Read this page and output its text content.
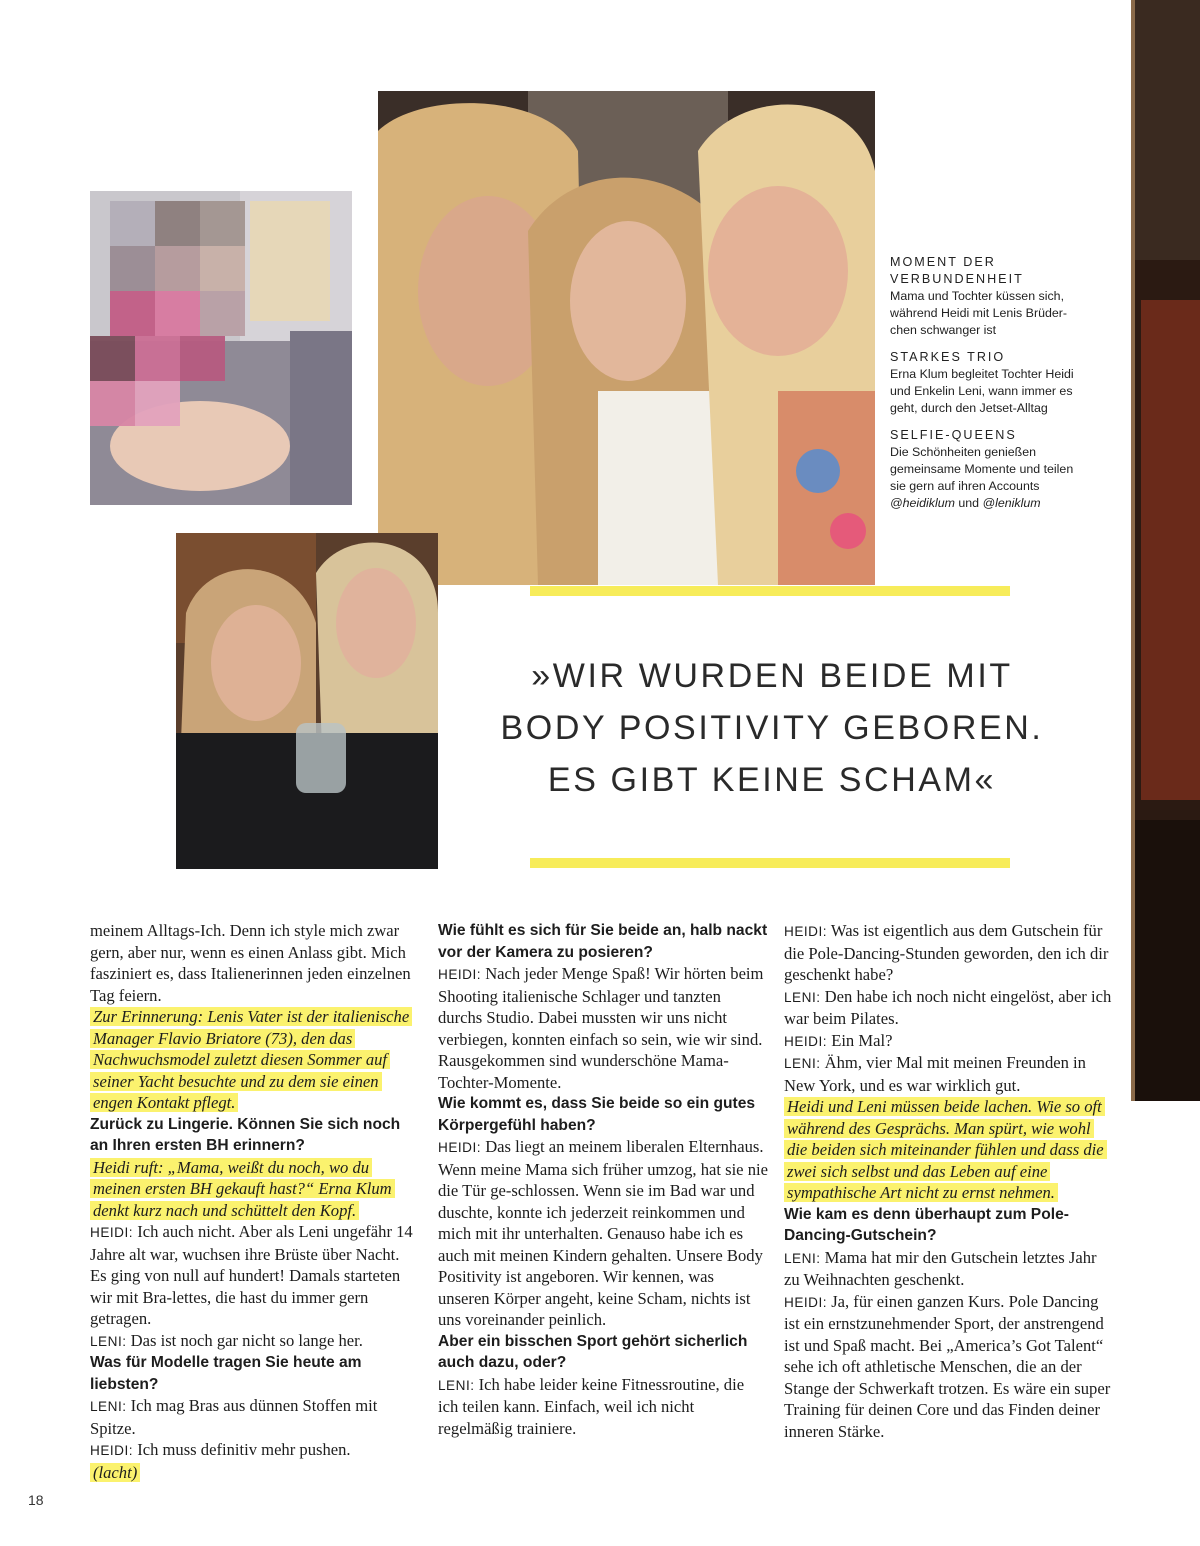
MOMENT DER VERBUNDENHEIT
Mama und Tochter küssen sich, während Heidi mit Lenis Brüder-chen schwanger ist
STARKES TRIO
Erna Klum begleitet Tochter Heidi und Enkelin Leni, wann immer es geht, durch den Jetset-Alltag
SELFIE-QUEENS
Die Schönheiten genießen gemeinsame Momente und teilen sie gern auf ihren Accounts @heidiklum und @leniklum
»WIR WURDEN BEIDE MIT
BODY POSITIVITY GEBOREN.
ES GIBT KEINE SCHAM«

meinem Alltags-Ich. Denn ich style mich zwar gern, aber nur, wenn es einen Anlass gibt. Mich fasziniert es, dass Italienerinnen jeden einzelnen Tag feiern.

Zur Erinnerung: Lenis Vater ist der italienische Manager Flavio Briatore (73), den das Nachwuchsmodel zuletzt diesen Sommer auf seiner Yacht besuchte und zu dem sie einen engen Kontakt pflegt.

Zurück zu Lingerie. Können Sie sich noch an Ihren ersten BH erinnern?

Heidi ruft: „Mama, weißt du noch, wo du meinen ersten BH gekauft hast?“ Erna Klum denkt kurz nach und schüttelt den Kopf.

HEIDI: Ich auch nicht. Aber als Leni ungefähr 14 Jahre alt war, wuchsen ihre Brüste über Nacht. Es ging von null auf hundert! Damals starteten wir mit Bra-lettes, die hast du immer gern getragen.

LENI: Das ist noch gar nicht so lange her.

Was für Modelle tragen Sie heute am liebsten?

LENI: Ich mag Bras aus dünnen Stoffen mit Spitze.

HEIDI: Ich muss definitiv mehr pushen.
(lacht)

Wie fühlt es sich für Sie beide an, halb nackt vor der Kamera zu posieren?

HEIDI: Nach jeder Menge Spaß! Wir hörten beim Shooting italienische Schlager und tanzten durchs Studio. Dabei mussten wir uns nicht verbiegen, konnten einfach so sein, wie wir sind. Rausgekommen sind wunderschöne Mama-Tochter-Momente.

Wie kommt es, dass Sie beide so ein gutes Körpergefühl haben?

HEIDI: Das liegt an meinem liberalen Elternhaus. Wenn meine Mama sich früher umzog, hat sie nie die Tür ge-schlossen. Wenn sie im Bad war und duschte, konnte ich jederzeit reinkommen und mich mit ihr unterhalten. Genauso habe ich es auch mit meinen Kindern gehalten. Unsere Body Positivity ist angeboren. Wir kennen, was unseren Körper angeht, keine Scham, nichts ist uns voreinander peinlich.

Aber ein bisschen Sport gehört sicherlich auch dazu, oder?

LENI: Ich habe leider keine Fitnessroutine, die ich teilen kann. Einfach, weil ich nicht regelmäßig trainiere.

HEIDI: Was ist eigentlich aus dem Gutschein für die Pole-Dancing-Stunden geworden, den ich dir geschenkt habe?

LENI: Den habe ich noch nicht eingelöst, aber ich war beim Pilates.

HEIDI: Ein Mal?

LENI: Ähm, vier Mal mit meinen Freunden in New York, und es war wirklich gut.

Heidi und Leni müssen beide lachen. Wie so oft während des Gesprächs. Man spürt, wie wohl die beiden sich miteinander fühlen und dass die zwei sich selbst und das Leben auf eine sympathische Art nicht zu ernst nehmen.

Wie kam es denn überhaupt zum Pole-Dancing-Gutschein?

LENI: Mama hat mir den Gutschein letztes Jahr zu Weihnachten geschenkt.

HEIDI: Ja, für einen ganzen Kurs. Pole Dancing ist ein ernstzunehmender Sport, der anstrengend ist und Spaß macht. Bei „America’s Got Talent“ sehe ich oft athletische Menschen, die an der Stange der Schwerkaft trotzen. Es wäre ein super Training für deinen Core und das Finden deiner inneren Stärke.

18
